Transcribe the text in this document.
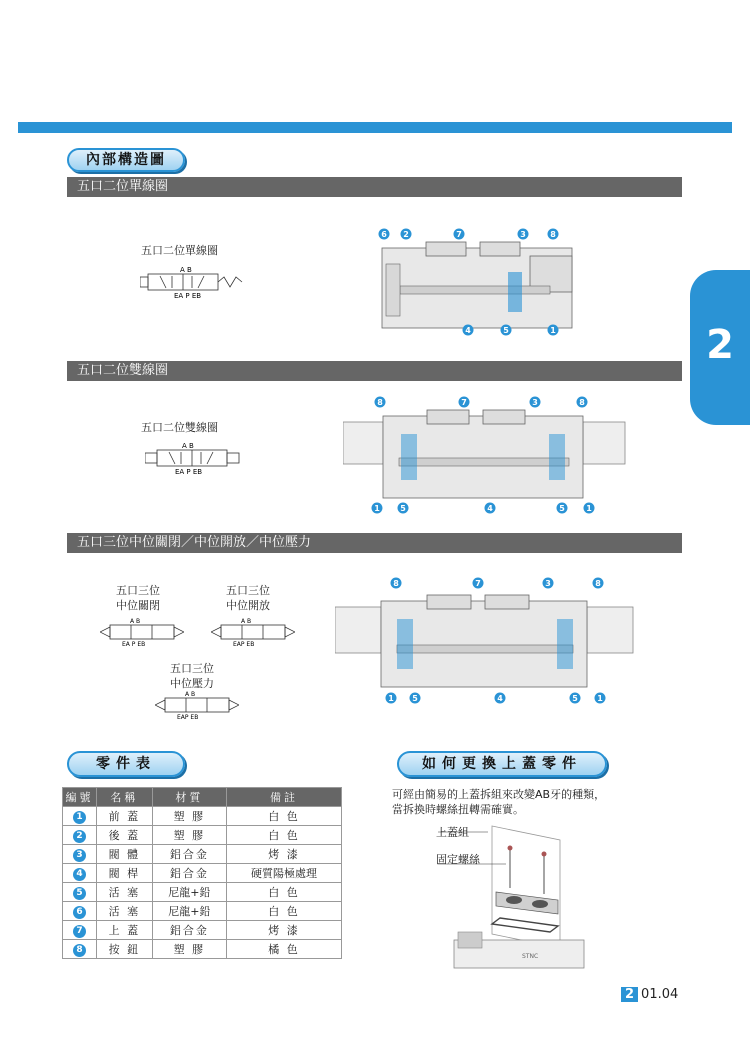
2
內部構造圖
五口二位單線圈
五口二位單線圈
A B
EA P EB
6 2	7	3	8
4	5	1
五口二位雙線圈
五口二位雙線圈
A B
EA P EB
8	7	3	8
1	5	4	5	1
五口三位中位關閉／中位開放／中位壓力
五口三位
中位關閉
A B
EA P EB
五口三位
中位開放
A B
EAP EB
五口三位
中位壓力
A B
EAP EB
8	7	3	8
1 5	4	5 1
零件表
編號	名稱	材質	備註
1	前 蓋	塑 膠	白 色
2	後 蓋	塑 膠	白 色
3	閥 體	鋁合金	烤 漆
4	閥 桿	鋁合金	硬質陽極處理
5	活 塞	尼龍+鉛	白 色
6	活 塞	尼龍+鉛	白 色
7	上 蓋	鋁合金	烤 漆
8	按 鈕	塑 膠	橘 色
如何更換上蓋零件
可經由簡易的上蓋拆組來改變AB牙的種類，
當拆換時螺絲扭轉需確實。
STNC
上蓋組
固定螺絲
2 01.04
